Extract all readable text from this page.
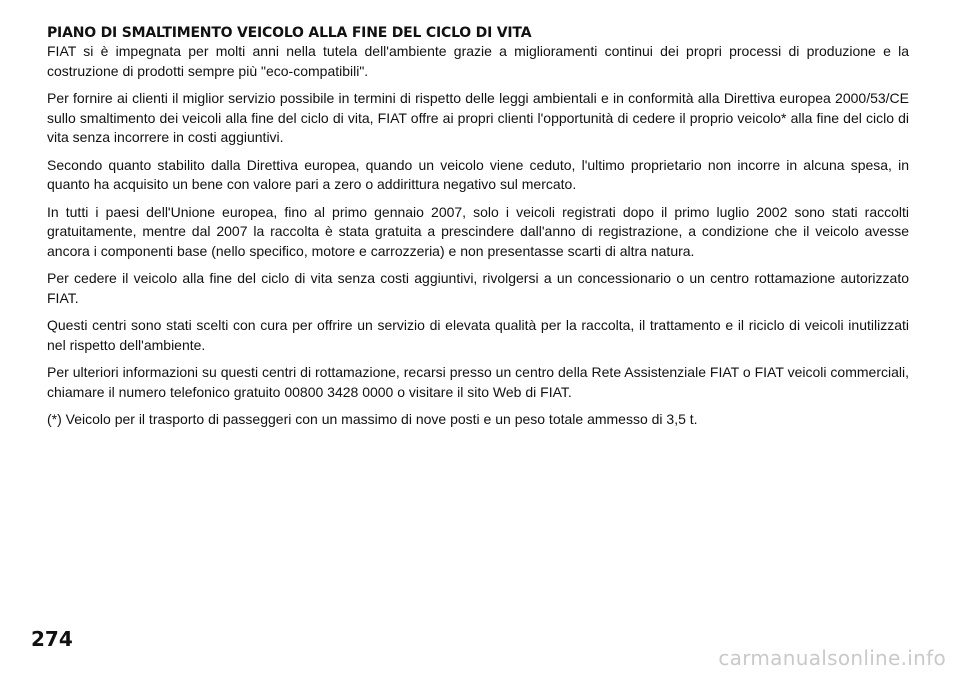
PIANO DI SMALTIMENTO VEICOLO ALLA FINE DEL CICLO DI VITA

FIAT si è impegnata per molti anni nella tutela dell'ambiente grazie a miglioramenti continui dei propri processi di produzione e la costruzione di prodotti sempre più "eco-compatibili".

Per fornire ai clienti il miglior servizio possibile in termini di rispetto delle leggi ambientali e in conformità alla Direttiva europea 2000/53/CE sullo smaltimento dei veicoli alla fine del ciclo di vita, FIAT offre ai propri clienti l'opportunità di cedere il proprio veicolo* alla fine del ciclo di vita senza incorrere in costi aggiuntivi.

Secondo quanto stabilito dalla Direttiva europea, quando un veicolo viene ceduto, l'ultimo proprietario non incorre in alcuna spesa, in quanto ha acquisito un bene con valore pari a zero o addirittura negativo sul mercato.

In tutti i paesi dell'Unione europea, fino al primo gennaio 2007, solo i veicoli registrati dopo il primo luglio 2002 sono stati raccolti gratuitamente, mentre dal 2007 la raccolta è stata gratuita a prescindere dall'anno di registrazione, a condizione che il veicolo avesse ancora i componenti base (nello specifico, motore e carrozzeria) e non presentasse scarti di altra natura.

Per cedere il veicolo alla fine del ciclo di vita senza costi aggiuntivi, rivolgersi a un concessionario o un centro rottamazione autorizzato FIAT.

Questi centri sono stati scelti con cura per offrire un servizio di elevata qualità per la raccolta, il trattamento e il riciclo di veicoli inutilizzati nel rispetto dell'ambiente.

Per ulteriori informazioni su questi centri di rottamazione, recarsi presso un centro della Rete Assistenziale FIAT o FIAT veicoli commerciali, chiamare il numero telefonico gratuito 00800 3428 0000 o visitare il sito Web di FIAT.

(*) Veicolo per il trasporto di passeggeri con un massimo di nove posti e un peso totale ammesso di 3,5 t.

274
carmanualsonline.info
